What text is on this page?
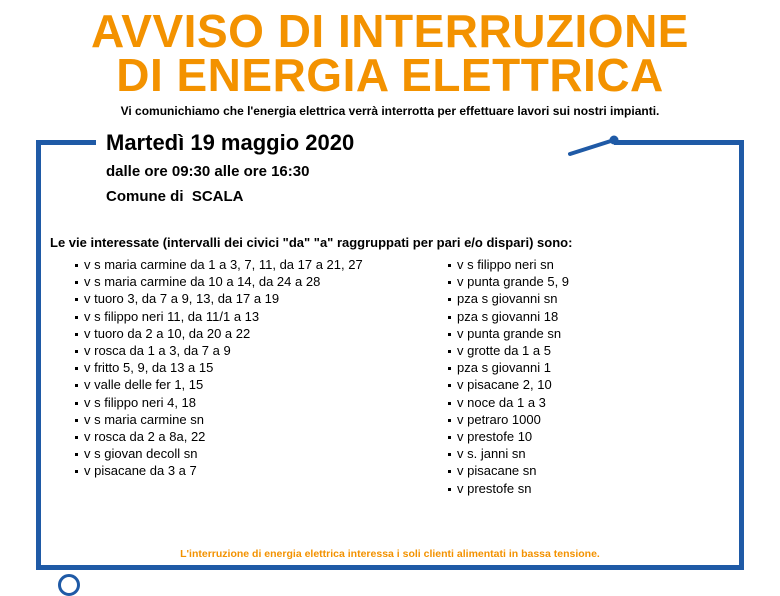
AVVISO DI INTERRUZIONE
DI ENERGIA ELETTRICA
Vi comunichiamo che l'energia elettrica verrà interrotta per effettuare lavori sui nostri impianti.
Martedì 19 maggio 2020
dalle ore 09:30 alle ore 16:30
Comune di  SCALA
Le vie interessate (intervalli dei civici "da" "a" raggruppati per pari e/o dispari) sono:
v s maria carmine da 1 a 3, 7, 11, da 17 a 21, 27
v s maria carmine da 10 a 14, da 24 a 28
v tuoro 3, da 7 a 9, 13, da 17 a 19
v s filippo neri 11, da 11/1 a 13
v tuoro da 2 a 10, da 20 a 22
v rosca da 1 a 3, da 7 a 9
v fritto 5, 9, da 13 a 15
v valle delle fer 1, 15
v s filippo neri 4, 18
v s maria carmine sn
v rosca da 2 a 8a, 22
v s giovan decoll sn
v pisacane da 3 a 7
v s filippo neri sn
v punta grande 5, 9
pza s giovanni sn
pza s giovanni 18
v punta grande sn
v grotte da 1 a 5
pza s giovanni 1
v pisacane 2, 10
v noce da 1 a 3
v petraro 1000
v prestofe 10
v s. janni sn
v pisacane sn
v prestofe sn
L'interruzione di energia elettrica interessa i soli clienti alimentati in bassa tensione.
